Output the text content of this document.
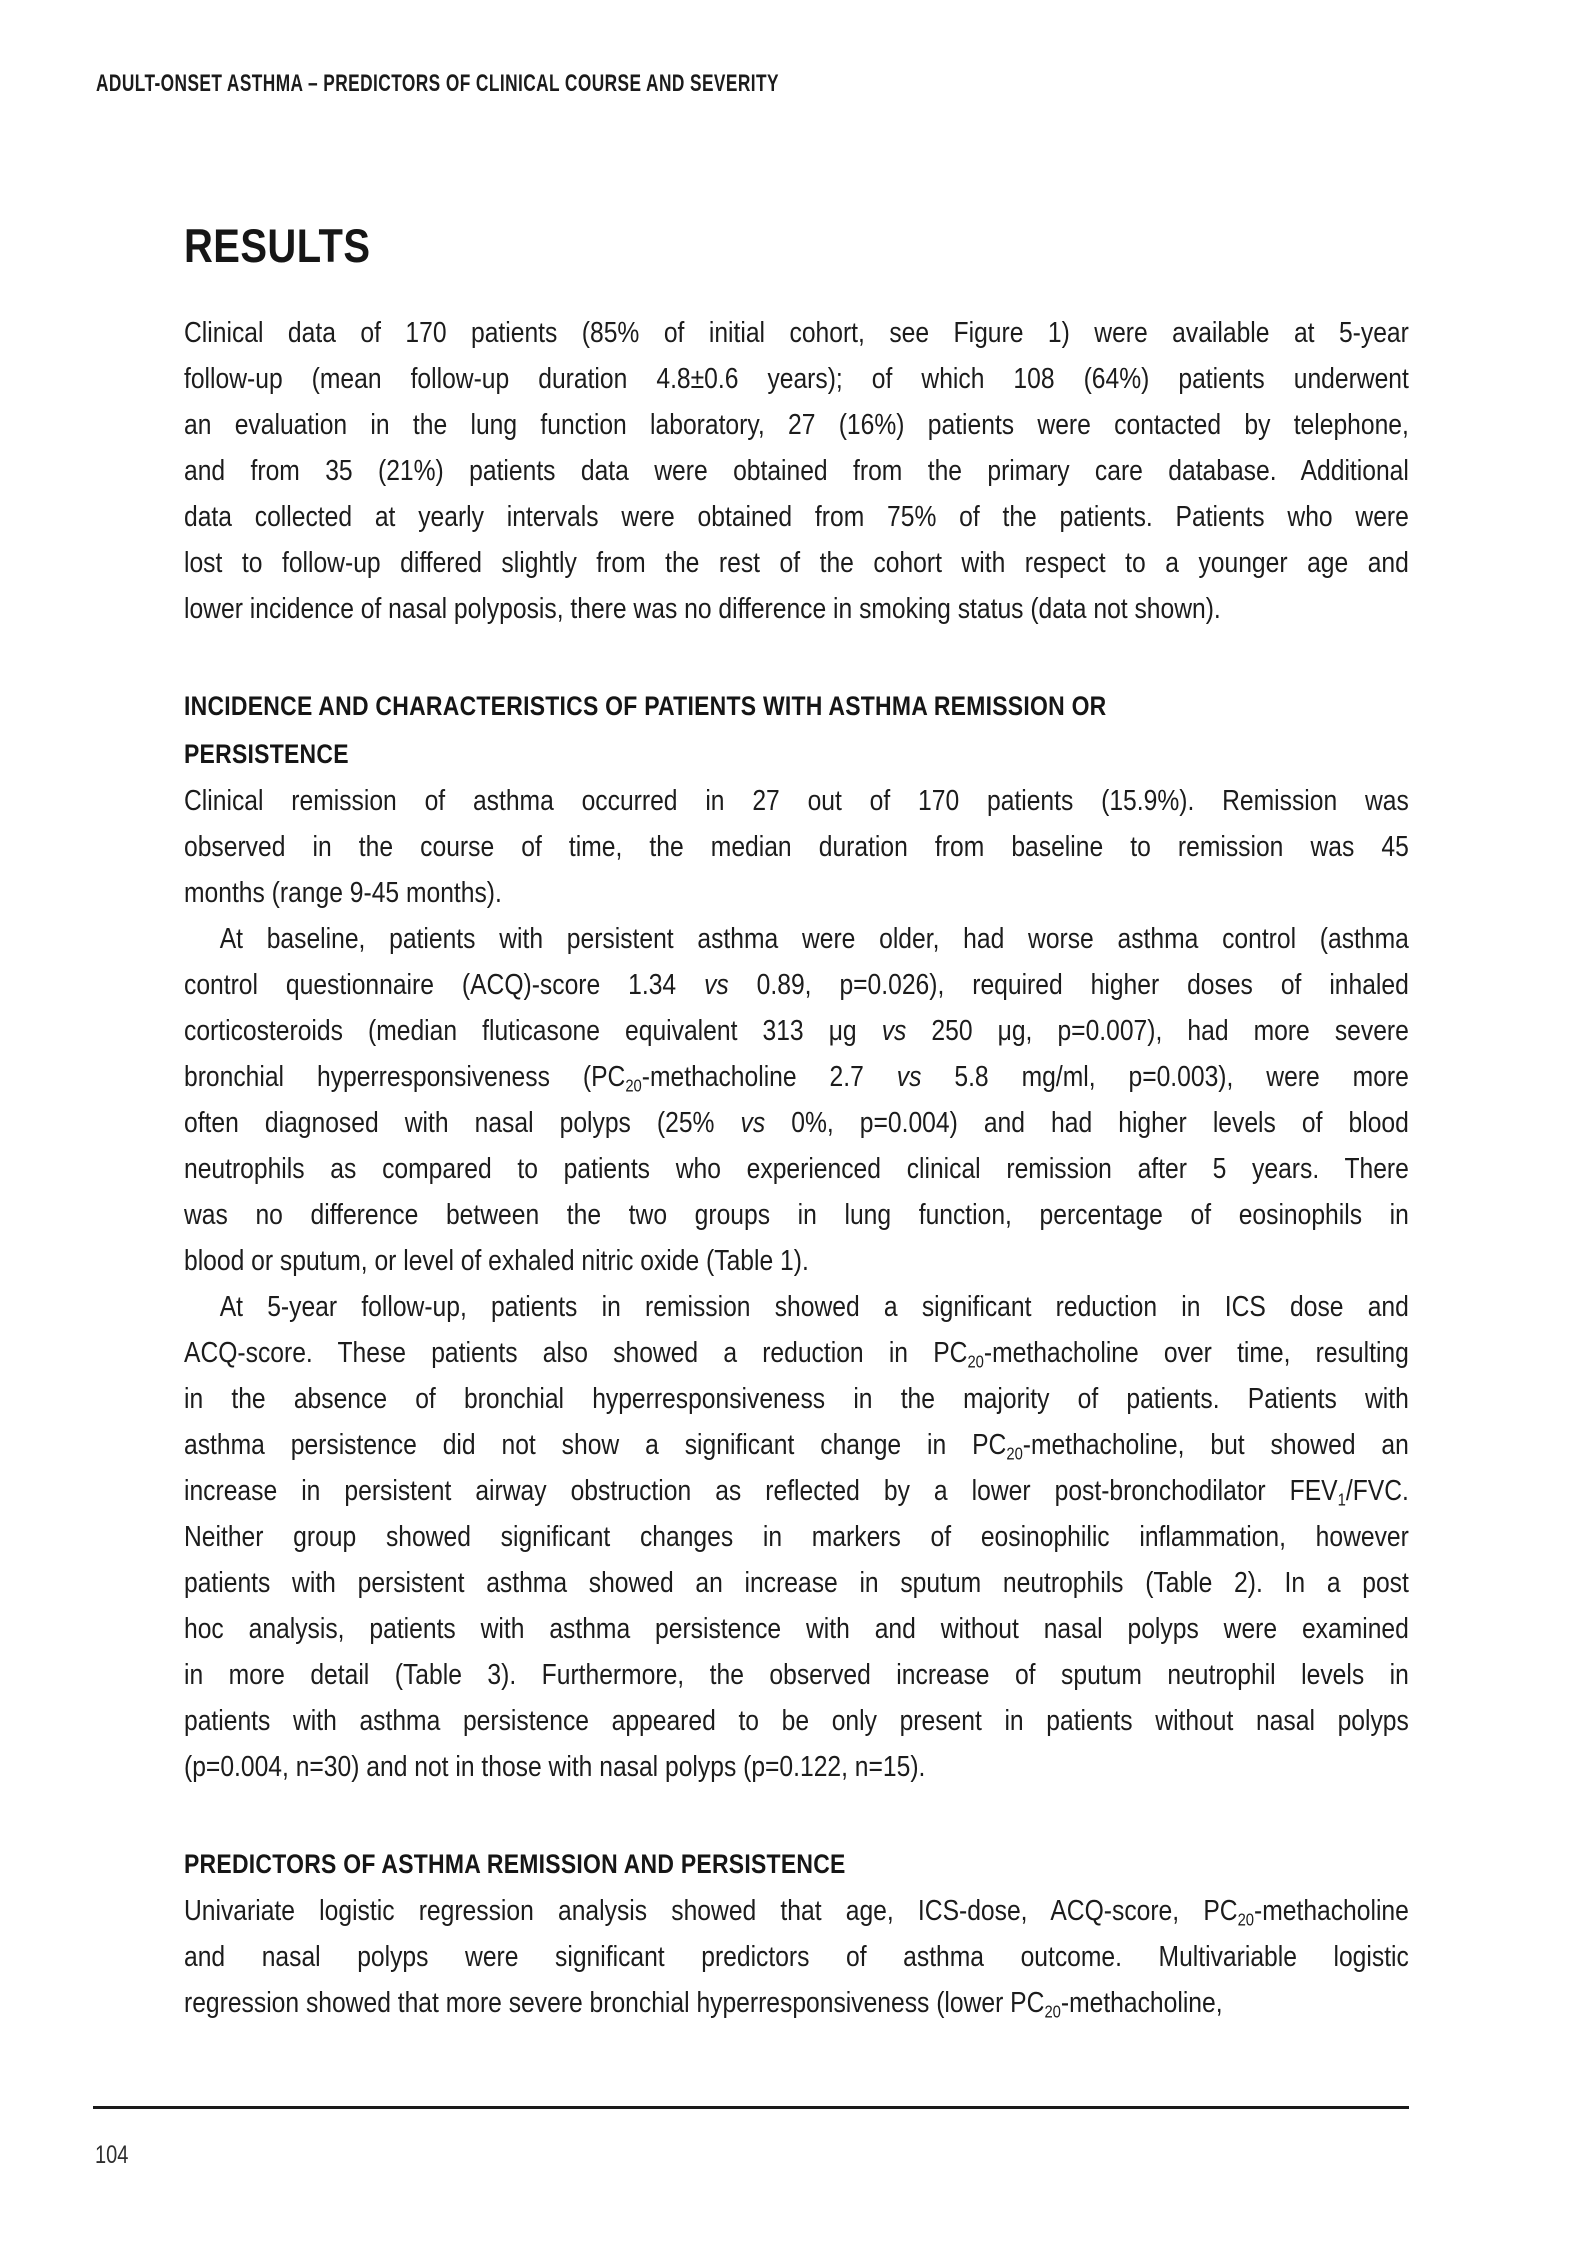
ADULT-ONSET ASTHMA – PREDICTORS OF CLINICAL COURSE AND SEVERITY
RESULTS
Clinical data of 170 patients (85% of initial cohort, see Figure 1) were available at 5-year
follow-up (mean follow-up duration 4.8±0.6 years); of which 108 (64%) patients underwent
an evaluation in the lung function laboratory, 27 (16%) patients were contacted by telephone,
and from 35 (21%) patients data were obtained from the primary care database. Additional
data collected at yearly intervals were obtained from 75% of the patients. Patients who were
lost to follow-up differed slightly from the rest of the cohort with respect to a younger age and
lower incidence of nasal polyposis, there was no difference in smoking status (data not shown).
INCIDENCE AND CHARACTERISTICS OF PATIENTS WITH ASTHMA REMISSION OR
PERSISTENCE
Clinical remission of asthma occurred in 27 out of 170 patients (15.9%). Remission was
observed in the course of time, the median duration from baseline to remission was 45
months (range 9-45 months).
At baseline, patients with persistent asthma were older, had worse asthma control (asthma
control questionnaire (ACQ)-score 1.34 vs 0.89, p=0.026), required higher doses of inhaled
corticosteroids (median fluticasone equivalent 313 μg vs 250 μg, p=0.007), had more severe
bronchial hyperresponsiveness ($PC_{20}$-methacholine 2.7 vs 5.8 mg/ml, p=0.003), were more
often diagnosed with nasal polyps (25% vs 0%, p=0.004) and had higher levels of blood
neutrophils as compared to patients who experienced clinical remission after 5 years. There
was no difference between the two groups in lung function, percentage of eosinophils in
blood or sputum, or level of exhaled nitric oxide (Table 1).
At 5-year follow-up, patients in remission showed a significant reduction in ICS dose and
ACQ-score. These patients also showed a reduction in $PC_{20}$-methacholine over time, resulting
in the absence of bronchial hyperresponsiveness in the majority of patients. Patients with
asthma persistence did not show a significant change in $PC_{20}$-methacholine, but showed an
increase in persistent airway obstruction as reflected by a lower post-bronchodilator $FEV_1$/FVC.
Neither group showed significant changes in markers of eosinophilic inflammation, however
patients with persistent asthma showed an increase in sputum neutrophils (Table 2). In a post
hoc analysis, patients with asthma persistence with and without nasal polyps were examined
in more detail (Table 3). Furthermore, the observed increase of sputum neutrophil levels in
patients with asthma persistence appeared to be only present in patients without nasal polyps
(p=0.004, n=30) and not in those with nasal polyps (p=0.122, n=15).
PREDICTORS OF ASTHMA REMISSION AND PERSISTENCE
Univariate logistic regression analysis showed that age, ICS-dose, ACQ-score, $PC_{20}$-methacholine
and nasal polyps were significant predictors of asthma outcome. Multivariable logistic
regression showed that more severe bronchial hyperresponsiveness (lower $PC_{20}$-methacholine,
104
